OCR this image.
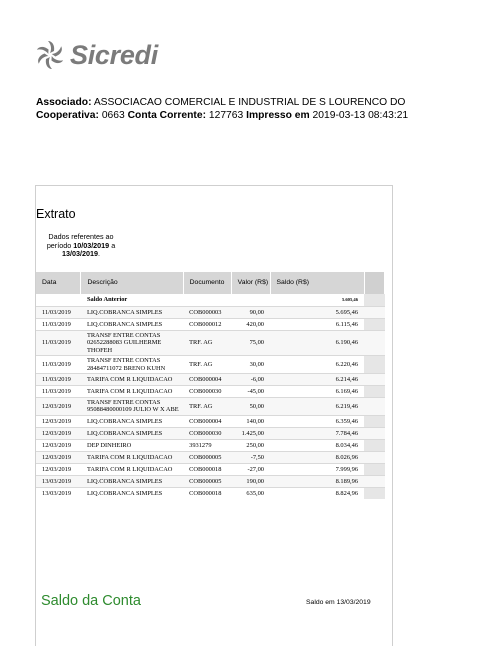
Sicredi
Associado: ASSOCIACAO COMERCIAL E INDUSTRIAL DE S LOURENCO DO
Cooperativa: 0663 Conta Corrente: 127763 Impresso em 2019-03-13 08:43:21
Extrato
Dados referentes ao período 10/03/2019 a 13/03/2019.
Data	Descrição	Documento	Valor (R$)	Saldo (R$)	
	Saldo Anterior			5.605,46	
11/03/2019	LIQ.COBRANCA SIMPLES	COB000003	90,00	5.695,46	
11/03/2019	LIQ.COBRANCA SIMPLES	COB000012	420,00	6.115,46	
11/03/2019	TRANSF ENTRE CONTAS 02652288083 GUILHERME THOFEH	TRF. AG	75,00	6.190,46	
11/03/2019	TRANSF ENTRE CONTAS 28484711072 BRENO KUHN	TRF. AG	30,00	6.220,46	
11/03/2019	TARIFA COM R LIQUIDACAO	COB000004	-6,00	6.214,46	
11/03/2019	TARIFA COM R LIQUIDACAO	COB000030	-45,00	6.169,46	
12/03/2019	TRANSF ENTRE CONTAS 95088480000109 JULIO W X ABE	TRF. AG	50,00	6.219,46	
12/03/2019	LIQ.COBRANCA SIMPLES	COB000004	140,00	6.359,46	
12/03/2019	LIQ.COBRANCA SIMPLES	COB000030	1.425,00	7.784,46	
12/03/2019	DEP DINHEIRO	3931279	250,00	8.034,46	
12/03/2019	TARIFA COM R LIQUIDACAO	COB000005	-7,50	8.026,96	
12/03/2019	TARIFA COM R LIQUIDACAO	COB000018	-27,00	7.999,96	
13/03/2019	LIQ.COBRANCA SIMPLES	COB000005	190,00	8.189,96	
13/03/2019	LIQ.COBRANCA SIMPLES	COB000018	635,00	8.824,96	
Saldo da Conta	Saldo em 13/03/2019
